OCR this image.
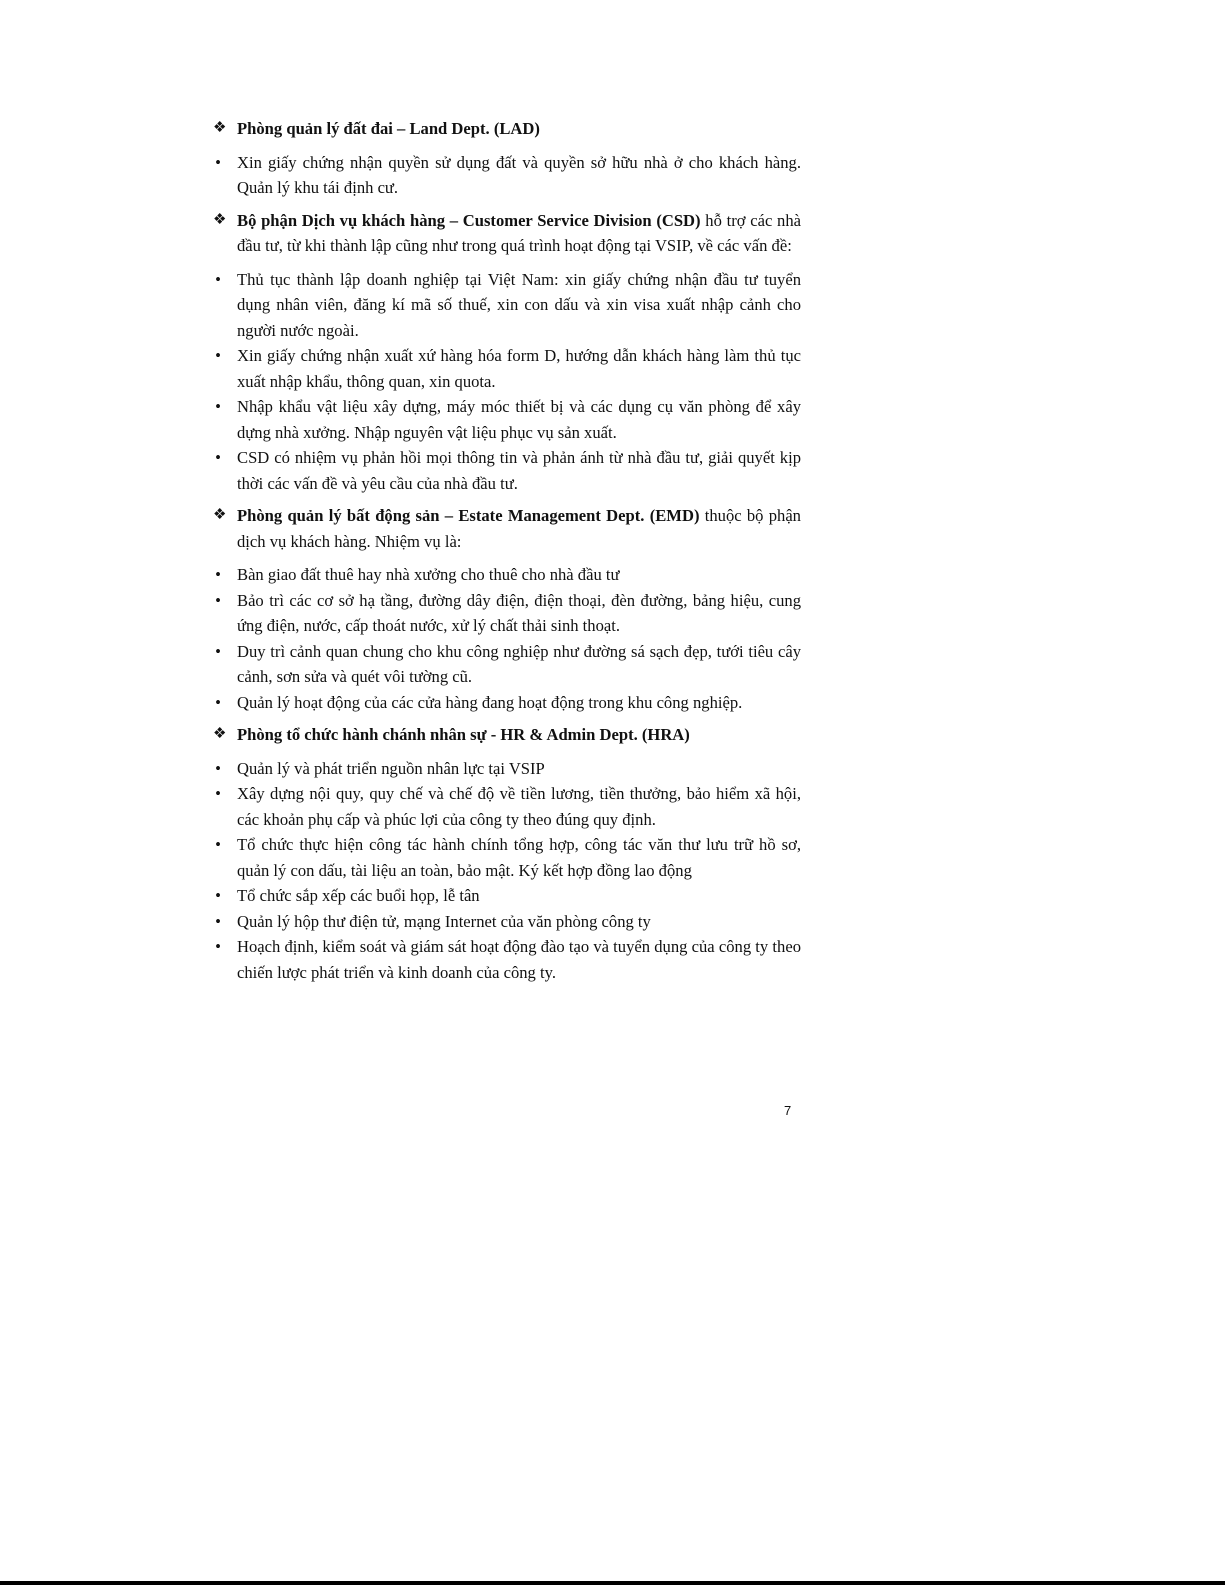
❖ Phòng quản lý đất đai – Land Dept. (LAD)
• Xin giấy chứng nhận quyền sử dụng đất và quyền sở hữu nhà ở cho khách hàng. Quản lý khu tái định cư.
❖ Bộ phận Dịch vụ khách hàng – Customer Service Division (CSD) hỗ trợ các nhà đầu tư, từ khi thành lập cũng như trong quá trình hoạt động tại VSIP, về các vấn đề:
• Thủ tục thành lập doanh nghiệp tại Việt Nam: xin giấy chứng nhận đầu tư tuyển dụng nhân viên, đăng kí mã số thuế, xin con dấu và xin visa xuất nhập cảnh cho người nước ngoài.
• Xin giấy chứng nhận xuất xứ hàng hóa form D, hướng dẫn khách hàng làm thủ tục xuất nhập khẩu, thông quan, xin quota.
• Nhập khẩu vật liệu xây dựng, máy móc thiết bị và các dụng cụ văn phòng để xây dựng nhà xưởng. Nhập nguyên vật liệu phục vụ sản xuất.
• CSD có nhiệm vụ phản hồi mọi thông tin và phản ánh từ nhà đầu tư, giải quyết kịp thời các vấn đề và yêu cầu của nhà đầu tư.
❖ Phòng quản lý bất động sản – Estate Management Dept. (EMD) thuộc bộ phận dịch vụ khách hàng. Nhiệm vụ là:
• Bàn giao đất thuê hay nhà xưởng cho thuê cho nhà đầu tư
• Bảo trì các cơ sở hạ tầng, đường dây điện, điện thoại, đèn đường, bảng hiệu, cung ứng điện, nước, cấp thoát nước, xử lý chất thải sinh thoạt.
• Duy trì cảnh quan chung cho khu công nghiệp như đường sá sạch đẹp, tưới tiêu cây cảnh, sơn sửa và quét vôi tường cũ.
• Quản lý hoạt động của các cửa hàng đang hoạt động trong khu công nghiệp.
❖ Phòng tổ chức hành chánh nhân sự - HR & Admin Dept. (HRA)
• Quản lý và phát triển nguồn nhân lực tại VSIP
• Xây dựng nội quy, quy chế và chế độ về tiền lương, tiền thưởng, bảo hiểm xã hội, các khoản phụ cấp và phúc lợi của công ty theo đúng quy định.
• Tổ chức thực hiện công tác hành chính tổng hợp, công tác văn thư lưu trữ hồ sơ, quản lý con dấu, tài liệu an toàn, bảo mật. Ký kết hợp đồng lao động
• Tổ chức sắp xếp các buổi họp, lễ tân
• Quản lý hộp thư điện tử, mạng Internet của văn phòng công ty
• Hoạch định, kiểm soát và giám sát hoạt động đào tạo và tuyển dụng của công ty theo chiến lược phát triển và kinh doanh của công ty.
7
